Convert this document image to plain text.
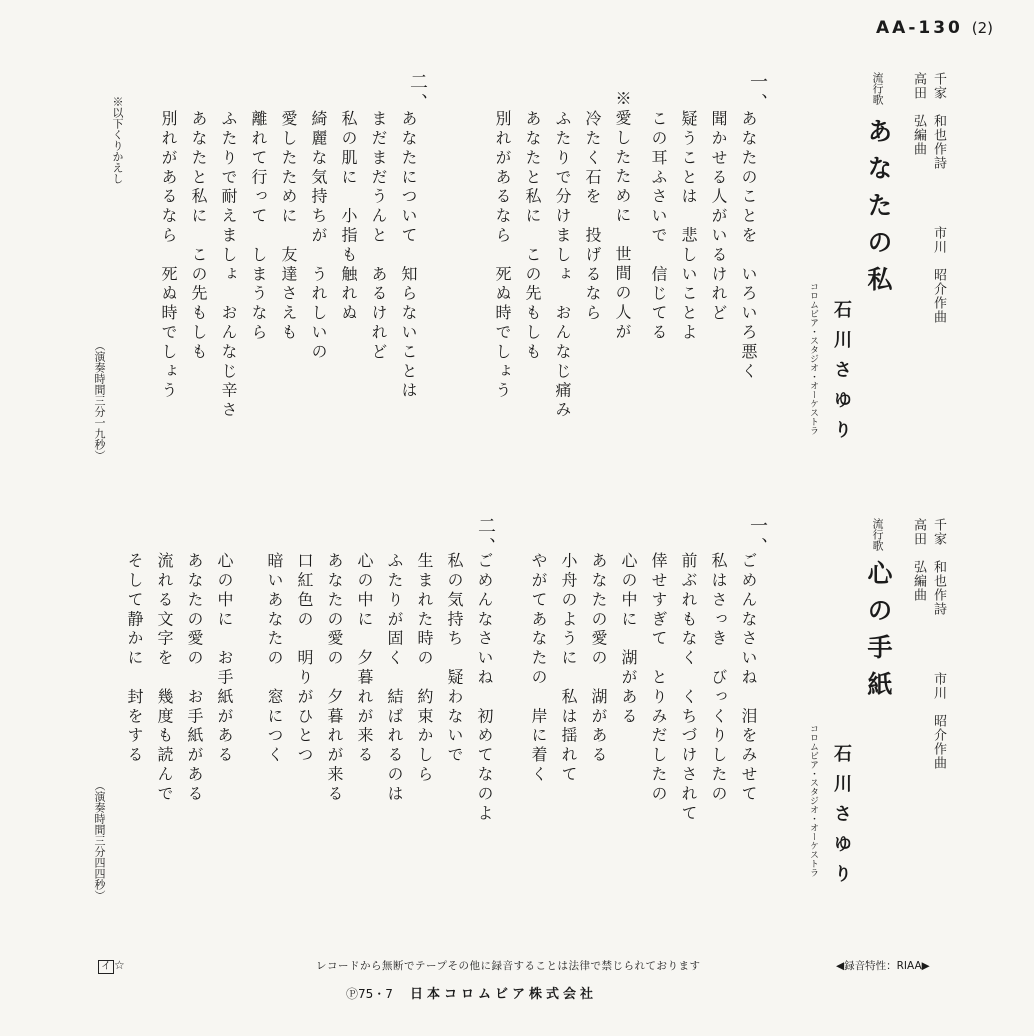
AA-130 (2)
流行歌
あなたの私	千家　和也作詩
高田　弘編曲
市川　昭介作曲
石川さゆり
コロムビア・スタジオ・オーケストラ
一、
あなたのことを　いろいろ悪く
聞かせる人がいるけれど
疑うことは　悲しいことよ
この耳ふさいで　信じてる
※愛したために　世間の人が
冷たく石を　投げるなら
ふたりで分けましょ　おんなじ痛み
あなたと私に　この先もしも
別れがあるなら　死ぬ時でしょう
二、
あなたについて　知らないことは
まだまだうんと　あるけれど
私の肌に　小指も触れぬ
綺麗な気持ちが　うれしいの
愛したために　友達さえも
離れて行って　しまうなら
ふたりで耐えましょ　おんなじ辛さ
あなたと私に　この先もしも
別れがあるなら　死ぬ時でしょう
※以下くりかえし
（演奏時間三分一九秒）
流行歌
心の手紙	千家　和也作詩
高田　弘編曲
市川　昭介作曲
石川さゆり
コロムビア・スタジオ・オーケストラ
一、
ごめんなさいね　泪をみせて
私はさっき　びっくりしたの
前ぶれもなく　くちづけされて
倖せすぎて　とりみだしたの
心の中に　湖がある
あなたの愛の　湖がある
小舟のように　私は揺れて
やがてあなたの　岸に着く
二、
ごめんなさいね　初めてなのよ
私の気持ち　疑わないで
生まれた時の　約束かしら
ふたりが固く　結ばれるのは
心の中に　夕暮れが来る
あなたの愛の　夕暮れが来る
口紅色の　明りがひとつ
暗いあなたの　窓につく
心の中に　お手紙がある
あなたの愛の　お手紙がある
流れる文字を　幾度も読んで
そして静かに　封をする
（演奏時間三分四四秒）
イ ☆	レコードから無断でテープその他に録音することは法律で禁じられております	◀録音特性：RIAA▶
Ⓟ75・7 日本コロムビア株式会社
